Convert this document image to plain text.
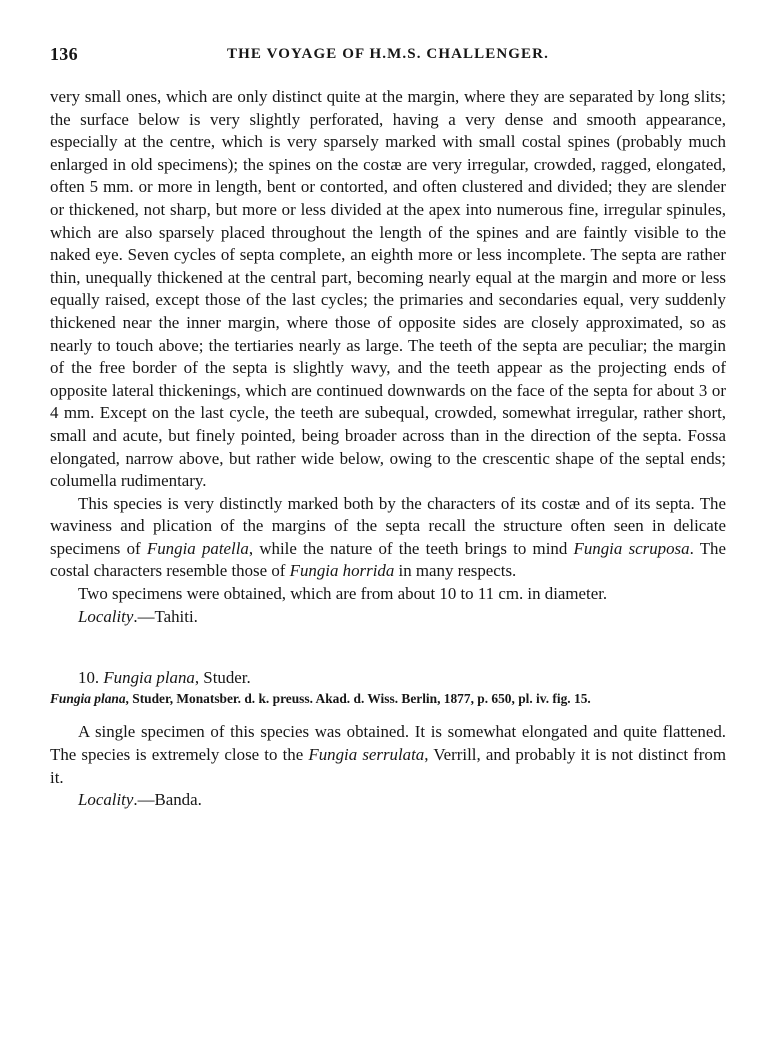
136	THE VOYAGE OF H.M.S. CHALLENGER.

very small ones, which are only distinct quite at the margin, where they are separated by long slits; the surface below is very slightly perforated, having a very dense and smooth appearance, especially at the centre, which is very sparsely marked with small costal spines (probably much enlarged in old specimens); the spines on the costæ are very irregular, crowded, ragged, elongated, often 5 mm. or more in length, bent or contorted, and often clustered and divided; they are slender or thickened, not sharp, but more or less divided at the apex into numerous fine, irregular spinules, which are also sparsely placed throughout the length of the spines and are faintly visible to the naked eye. Seven cycles of septa complete, an eighth more or less incomplete. The septa are rather thin, unequally thickened at the central part, becoming nearly equal at the margin and more or less equally raised, except those of the last cycles; the primaries and secondaries equal, very suddenly thickened near the inner margin, where those of opposite sides are closely approximated, so as nearly to touch above; the tertiaries nearly as large. The teeth of the septa are peculiar; the margin of the free border of the septa is slightly wavy, and the teeth appear as the projecting ends of opposite lateral thickenings, which are continued downwards on the face of the septa for about 3 or 4 mm. Except on the last cycle, the teeth are subequal, crowded, somewhat irregular, rather short, small and acute, but finely pointed, being broader across than in the direction of the septa. Fossa elongated, narrow above, but rather wide below, owing to the crescentic shape of the septal ends; columella rudimentary.

This species is very distinctly marked both by the characters of its costæ and of its septa. The waviness and plication of the margins of the septa recall the structure often seen in delicate specimens of Fungia patella, while the nature of the teeth brings to mind Fungia scruposa. The costal characters resemble those of Fungia horrida in many respects.

Two specimens were obtained, which are from about 10 to 11 cm. in diameter.

Locality.—Tahiti.

10. Fungia plana, Studer.

Fungia plana, Studer, Monatsber. d. k. preuss. Akad. d. Wiss. Berlin, 1877, p. 650, pl. iv. fig. 15.

A single specimen of this species was obtained. It is somewhat elongated and quite flattened. The species is extremely close to the Fungia serrulata, Verrill, and probably it is not distinct from it.

Locality.—Banda.
